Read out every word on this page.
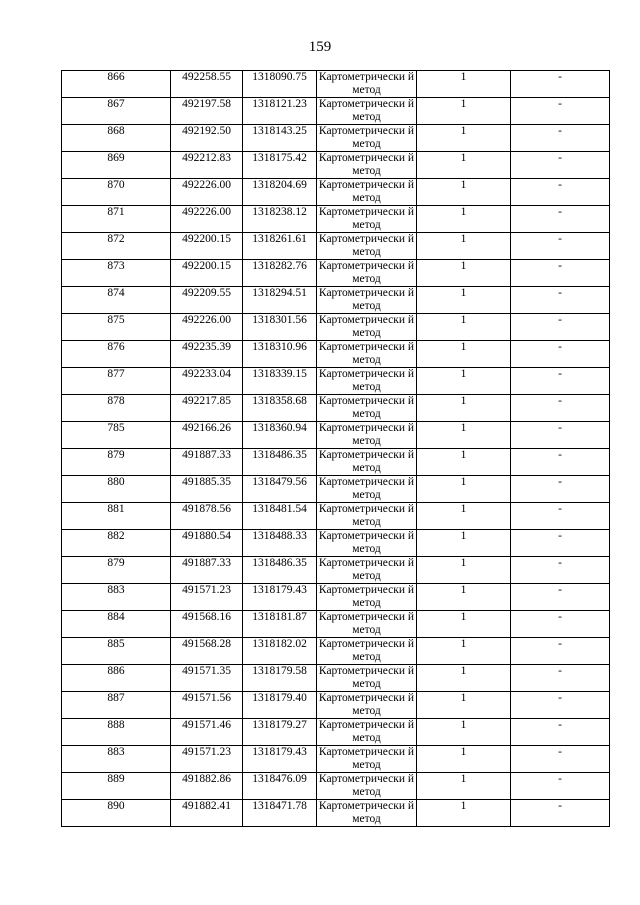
159
866	492258.55	1318090.75	Картометрически й метод	1	-
867	492197.58	1318121.23	Картометрически й метод	1	-
868	492192.50	1318143.25	Картометрически й метод	1	-
869	492212.83	1318175.42	Картометрически й метод	1	-
870	492226.00	1318204.69	Картометрически й метод	1	-
871	492226.00	1318238.12	Картометрически й метод	1	-
872	492200.15	1318261.61	Картометрически й метод	1	-
873	492200.15	1318282.76	Картометрически й метод	1	-
874	492209.55	1318294.51	Картометрически й метод	1	-
875	492226.00	1318301.56	Картометрически й метод	1	-
876	492235.39	1318310.96	Картометрически й метод	1	-
877	492233.04	1318339.15	Картометрически й метод	1	-
878	492217.85	1318358.68	Картометрически й метод	1	-
785	492166.26	1318360.94	Картометрически й метод	1	-
879	491887.33	1318486.35	Картометрически й метод	1	-
880	491885.35	1318479.56	Картометрически й метод	1	-
881	491878.56	1318481.54	Картометрически й метод	1	-
882	491880.54	1318488.33	Картометрически й метод	1	-
879	491887.33	1318486.35	Картометрически й метод	1	-
883	491571.23	1318179.43	Картометрически й метод	1	-
884	491568.16	1318181.87	Картометрически й метод	1	-
885	491568.28	1318182.02	Картометрически й метод	1	-
886	491571.35	1318179.58	Картометрически й метод	1	-
887	491571.56	1318179.40	Картометрически й метод	1	-
888	491571.46	1318179.27	Картометрически й метод	1	-
883	491571.23	1318179.43	Картометрически й метод	1	-
889	491882.86	1318476.09	Картометрически й метод	1	-
890	491882.41	1318471.78	Картометрически й метод	1	-
